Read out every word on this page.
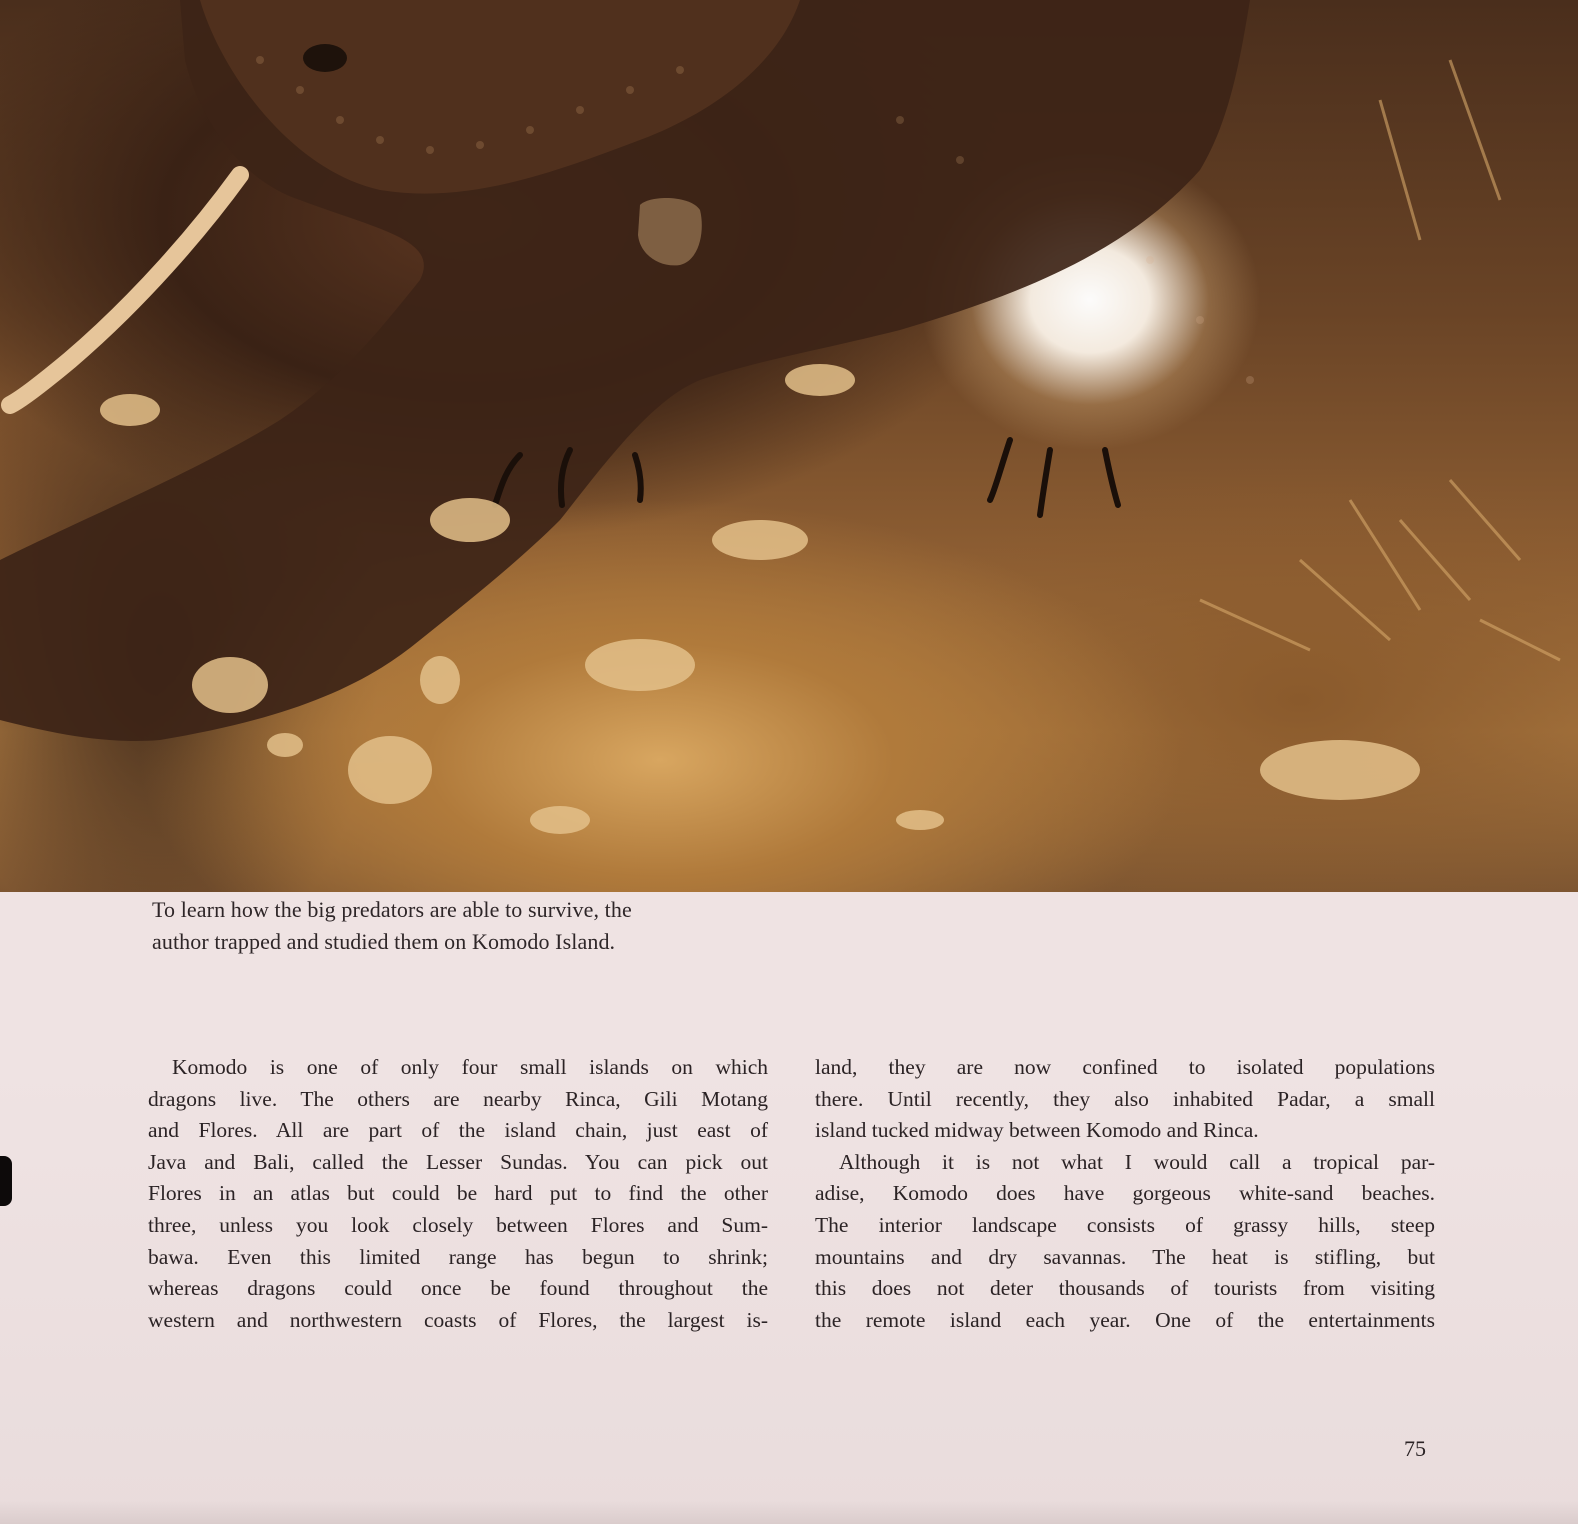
To learn how the big predators are able to survive, the
author trapped and studied them on Komodo Island.

Komodo is one of only four small islands on which
dragons live. The others are nearby Rinca, Gili Motang
and Flores. All are part of the island chain, just east of
Java and Bali, called the Lesser Sundas. You can pick out
Flores in an atlas but could be hard put to find the other
three, unless you look closely between Flores and Sum-
bawa. Even this limited range has begun to shrink;
whereas dragons could once be found throughout the
western and northwestern coasts of Flores, the largest is-
land, they are now confined to isolated populations
there. Until recently, they also inhabited Padar, a small
island tucked midway between Komodo and Rinca.
Although it is not what I would call a tropical par-
adise, Komodo does have gorgeous white-sand beaches.
The interior landscape consists of grassy hills, steep
mountains and dry savannas. The heat is stifling, but
this does not deter thousands of tourists from visiting
the remote island each year. One of the entertainments
75
